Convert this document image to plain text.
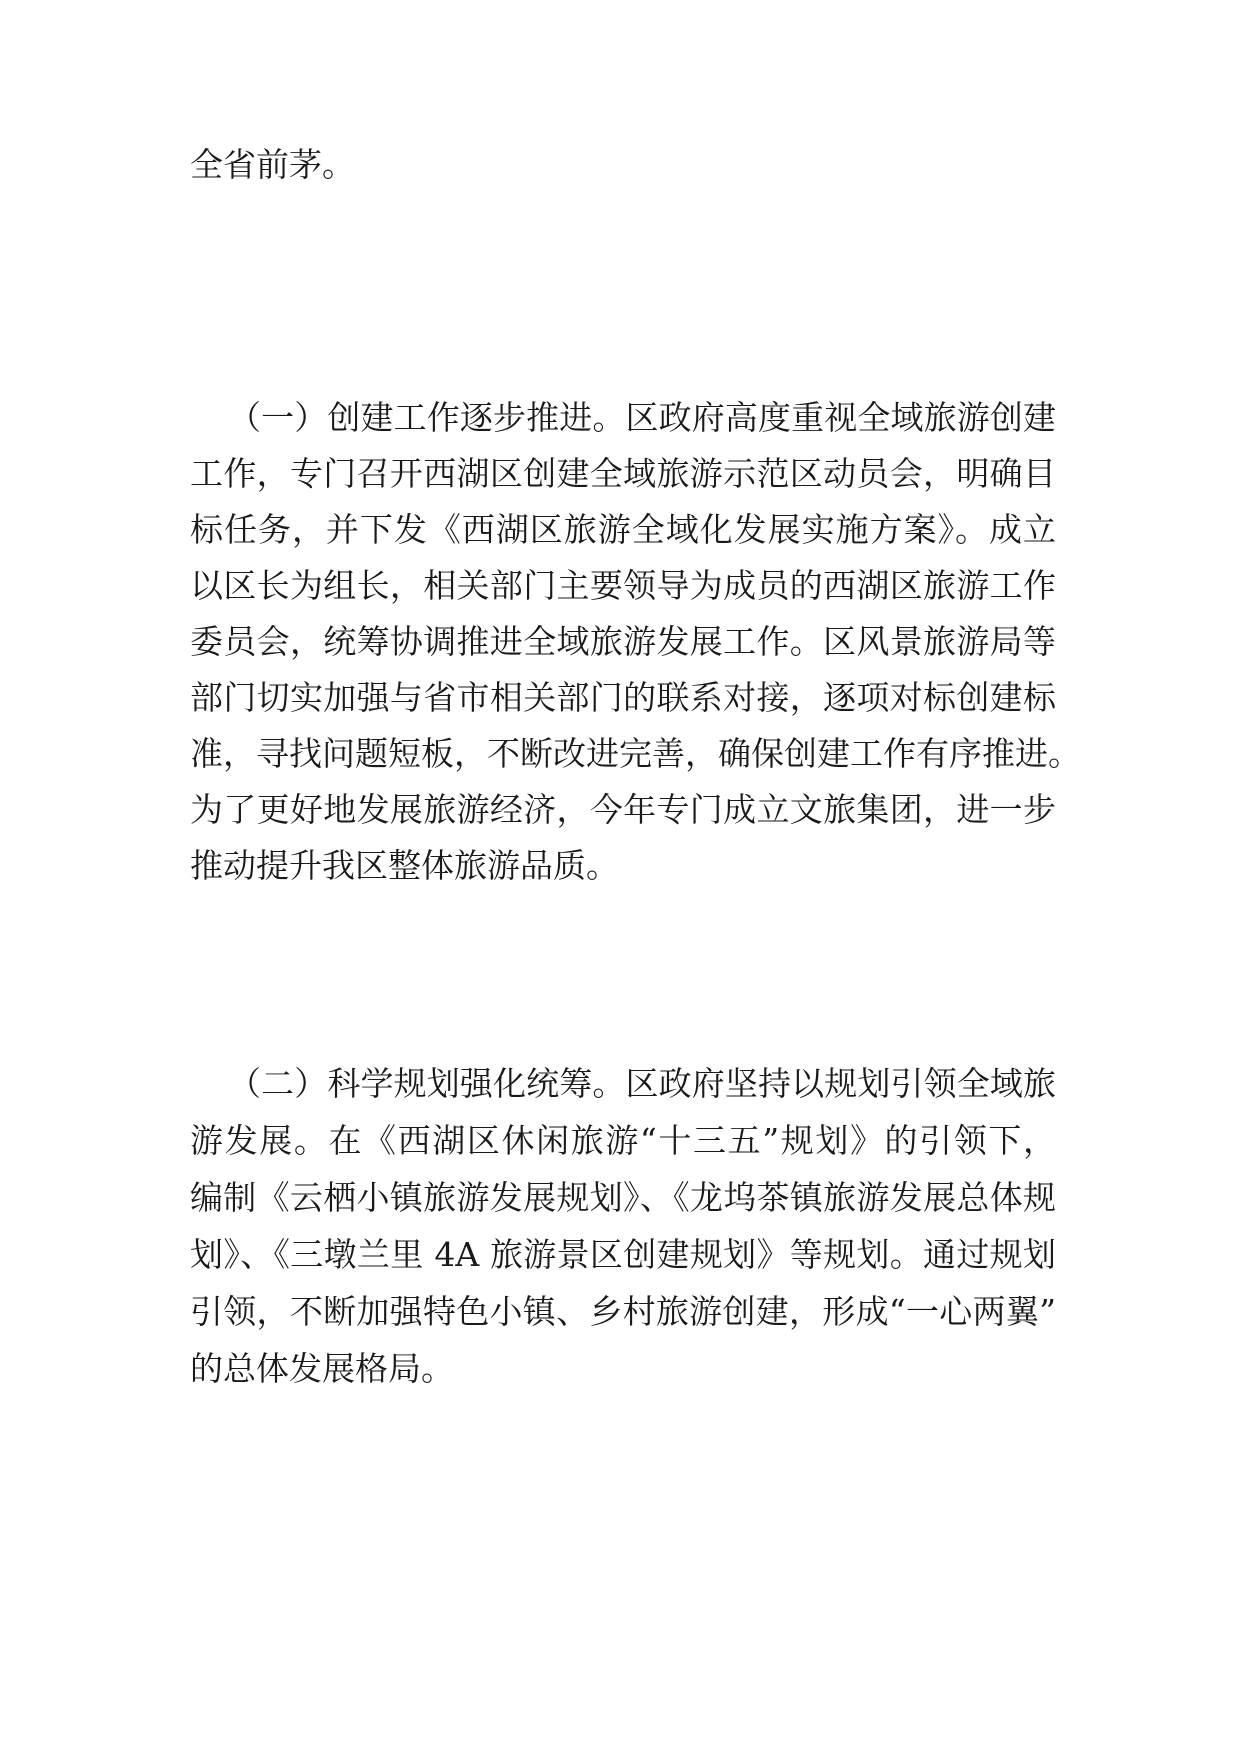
全省前茅。
（一）创建工作逐步推进。区政府高度重视全域旅游创建
工作，专门召开西湖区创建全域旅游示范区动员会，明确目
标任务，并下发《西湖区旅游全域化发展实施方案》。成立
以区长为组长，相关部门主要领导为成员的西湖区旅游工作
委员会，统筹协调推进全域旅游发展工作。区风景旅游局等
部门切实加强与省市相关部门的联系对接，逐项对标创建标
准，寻找问题短板，不断改进完善，确保创建工作有序推进。
为了更好地发展旅游经济，今年专门成立文旅集团，进一步
推动提升我区整体旅游品质。
（二）科学规划强化统筹。区政府坚持以规划引领全域旅
游发展。在《西湖区休闲旅游“十三五”规划》的引领下，
编制《云栖小镇旅游发展规划》、《龙坞茶镇旅游发展总体规
划》、《三墩兰里 4A 旅游景区创建规划》等规划。通过规划
引领，不断加强特色小镇、乡村旅游创建，形成“一心两翼”
的总体发展格局。
